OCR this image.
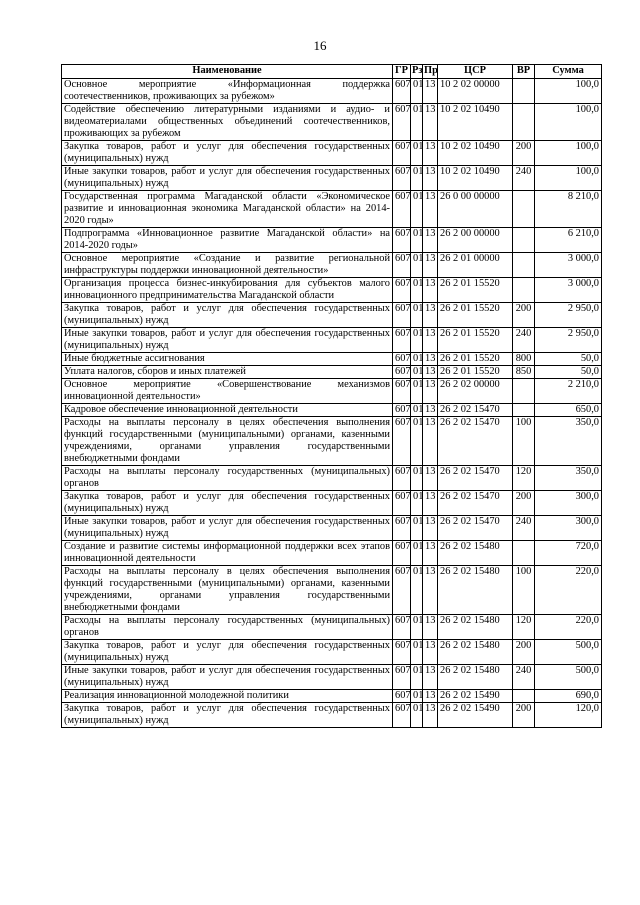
16
Наименование	ГР	Рз	Пр	ЦСР	ВР	Сумма
Основное мероприятие «Информационная поддержка соотечественников, проживающих за рубежом»	607	01	13	10 2 02 00000		100,0
Содействие обеспечению литературными изданиями и аудио- и видеоматериалами общественных объединений соотечественников, проживающих за рубежом	607	01	13	10 2 02 10490		100,0
Закупка товаров, работ и услуг для обеспечения государственных (муниципальных) нужд	607	01	13	10 2 02 10490	200	100,0
Иные закупки товаров, работ и услуг для обеспечения государственных (муниципальных) нужд	607	01	13	10 2 02 10490	240	100,0
Государственная программа Магаданской области «Экономическое развитие и инновационная экономика Магаданской области» на 2014-2020 годы»	607	01	13	26 0 00 00000		8 210,0
Подпрограмма «Инновационное развитие Магаданской области» на 2014-2020 годы»	607	01	13	26 2 00 00000		6 210,0
Основное мероприятие «Создание и развитие региональной инфраструктуры поддержки инновационной деятельности»	607	01	13	26 2 01 00000		3 000,0
Организация процесса бизнес-инкубирования для субъектов малого инновационного предпринимательства Магаданской области	607	01	13	26 2 01 15520		3 000,0
Закупка товаров, работ и услуг для обеспечения государственных (муниципальных) нужд	607	01	13	26 2 01 15520	200	2 950,0
Иные закупки товаров, работ и услуг для обеспечения государственных (муниципальных) нужд	607	01	13	26 2 01 15520	240	2 950,0
Иные бюджетные ассигнования	607	01	13	26 2 01 15520	800	50,0
Уплата налогов, сборов и иных платежей	607	01	13	26 2 01 15520	850	50,0
Основное мероприятие «Совершенствование механизмов инновационной деятельности»	607	01	13	26 2 02 00000		2 210,0
Кадровое обеспечение инновационной деятельности	607	01	13	26 2 02 15470		650,0
Расходы на выплаты персоналу в целях обеспечения выполнения функций государственными (муниципальными) органами, казенными учреждениями, органами управления государственными внебюджетными фондами	607	01	13	26 2 02 15470	100	350,0
Расходы на выплаты персоналу государственных (муниципальных) органов	607	01	13	26 2 02 15470	120	350,0
Закупка товаров, работ и услуг для обеспечения государственных (муниципальных) нужд	607	01	13	26 2 02 15470	200	300,0
Иные закупки товаров, работ и услуг для обеспечения государственных (муниципальных) нужд	607	01	13	26 2 02 15470	240	300,0
Создание и развитие системы информационной поддержки всех этапов инновационной деятельности	607	01	13	26 2 02 15480		720,0
Расходы на выплаты персоналу в целях обеспечения выполнения функций государственными (муниципальными) органами, казенными учреждениями, органами управления государственными внебюджетными фондами	607	01	13	26 2 02 15480	100	220,0
Расходы на выплаты персоналу государственных (муниципальных) органов	607	01	13	26 2 02 15480	120	220,0
Закупка товаров, работ и услуг для обеспечения государственных (муниципальных) нужд	607	01	13	26 2 02 15480	200	500,0
Иные закупки товаров, работ и услуг для обеспечения государственных (муниципальных) нужд	607	01	13	26 2 02 15480	240	500,0
Реализация инновационной молодежной политики	607	01	13	26 2 02 15490		690,0
Закупка товаров, работ и услуг для обеспечения государственных (муниципальных) нужд	607	01	13	26 2 02 15490	200	120,0
